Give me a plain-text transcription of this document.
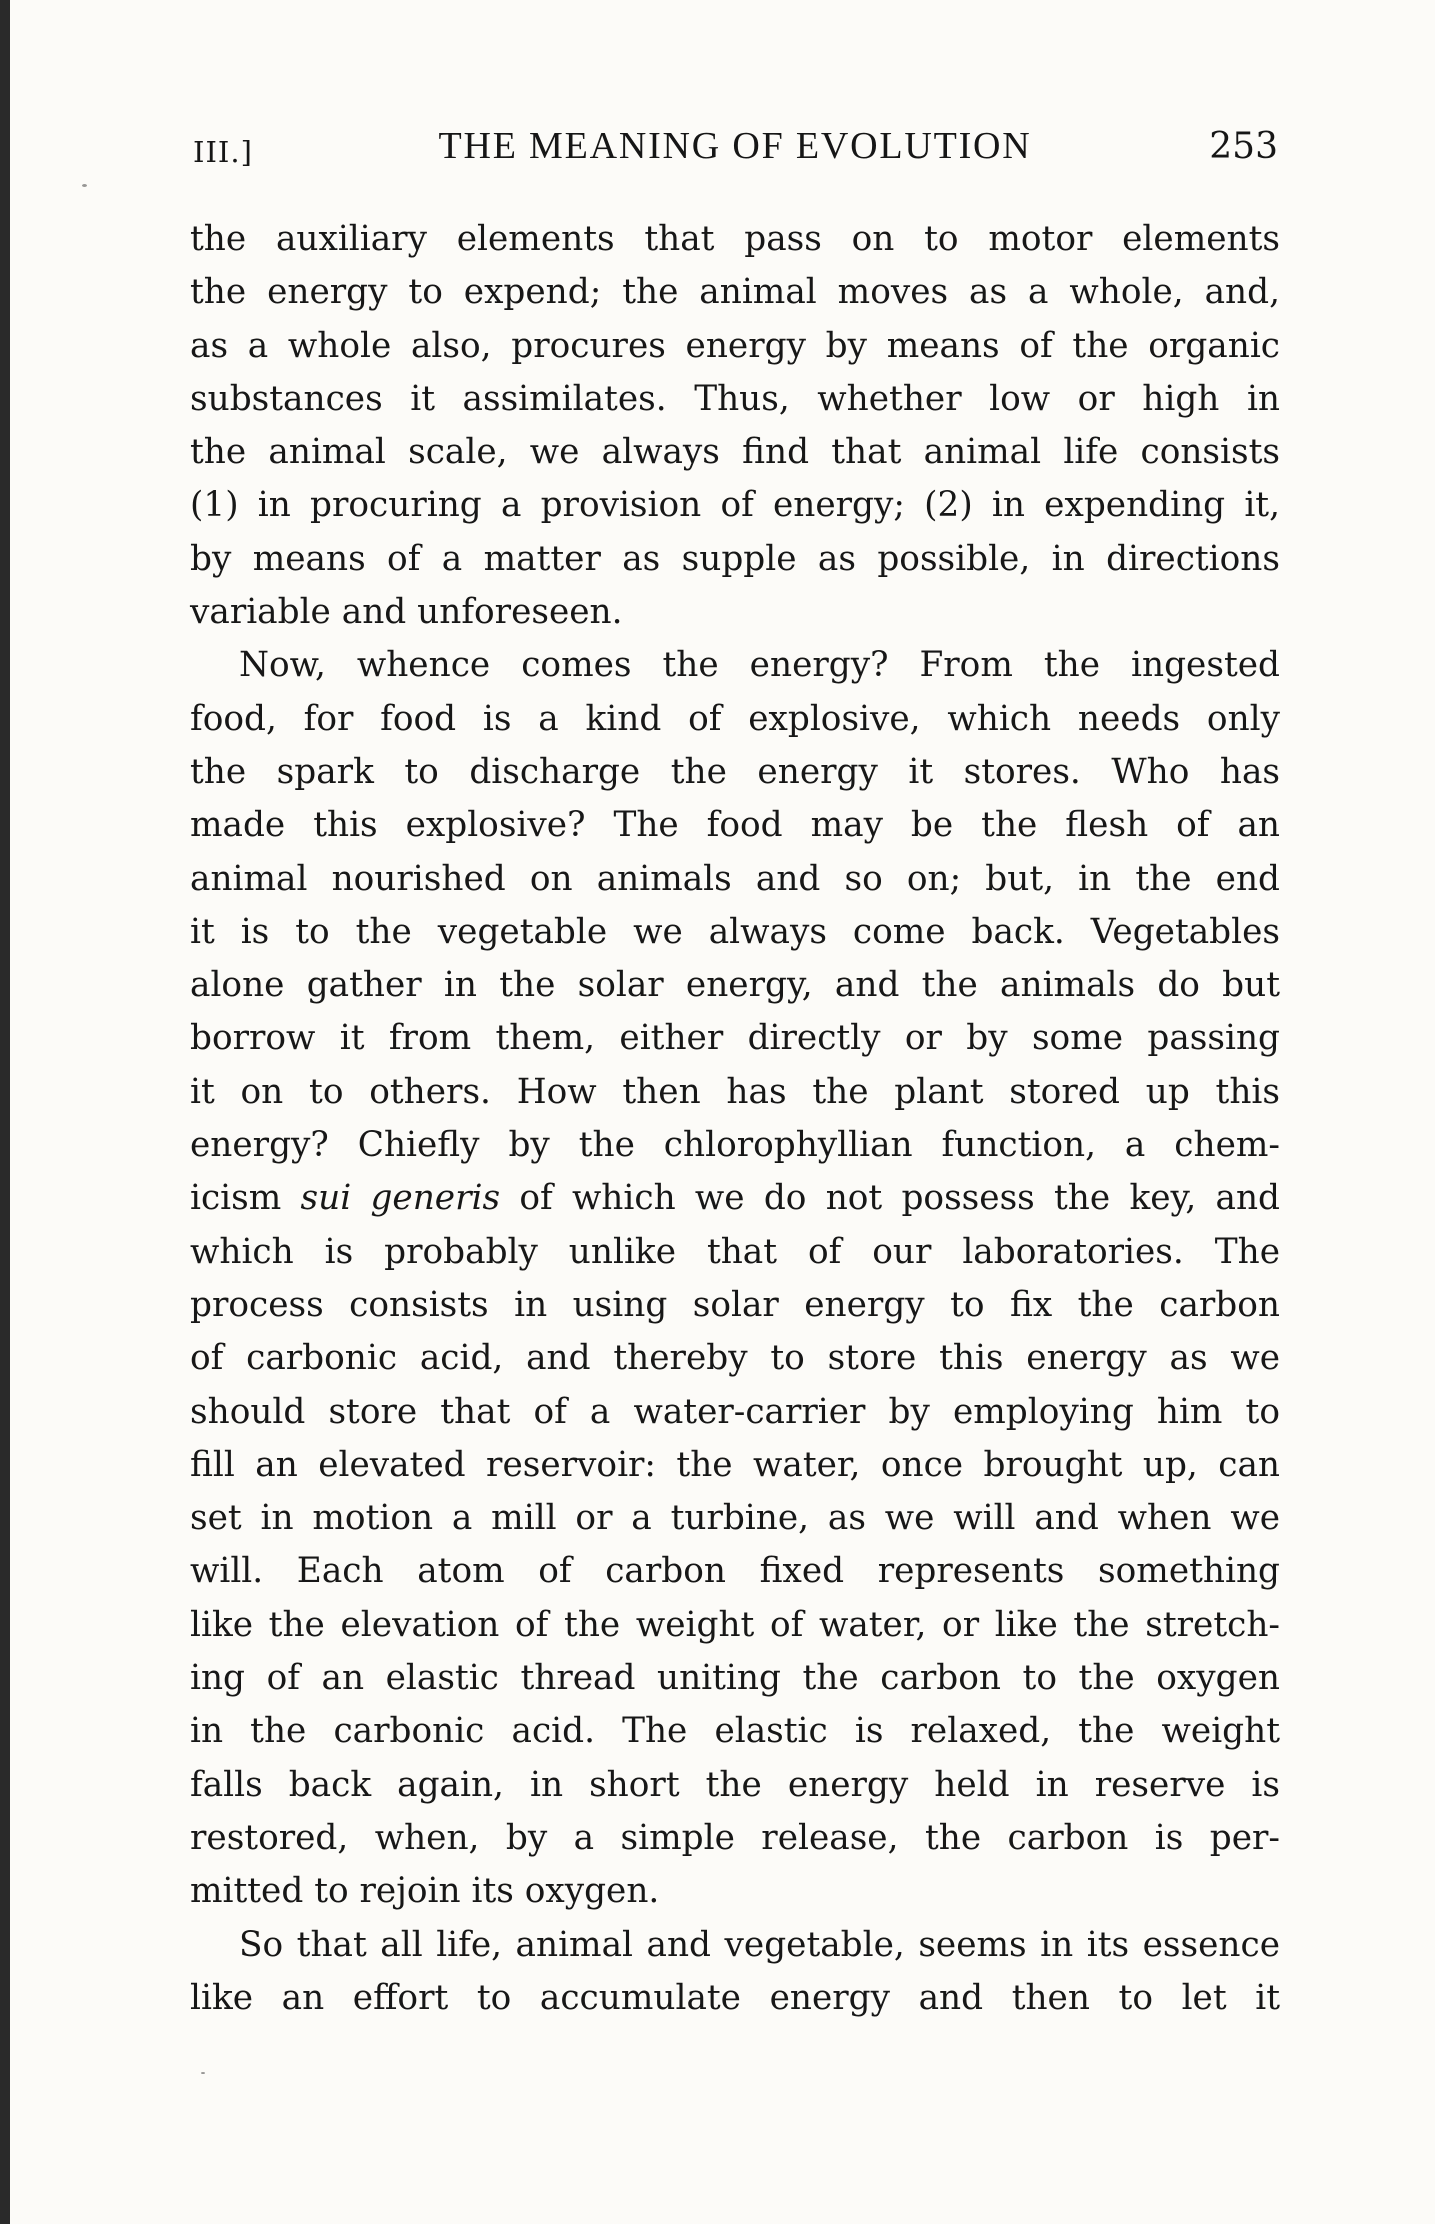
III.]	THE MEANING OF EVOLUTION	253
the auxiliary elements that pass on to motor elements
the energy to expend; the animal moves as a whole, and,
as a whole also, procures energy by means of the organic
substances it assimilates. Thus, whether low or high in
the animal scale, we always find that animal life consists
(1) in procuring a provision of energy; (2) in expending it,
by means of a matter as supple as possible, in directions
variable and unforeseen.
Now, whence comes the energy? From the ingested
food, for food is a kind of explosive, which needs only
the spark to discharge the energy it stores. Who has
made this explosive? The food may be the flesh of an
animal nourished on animals and so on; but, in the end
it is to the vegetable we always come back. Vegetables
alone gather in the solar energy, and the animals do but
borrow it from them, either directly or by some passing
it on to others. How then has the plant stored up this
energy? Chiefly by the chlorophyllian function, a chem-
icism sui generis of which we do not possess the key, and
which is probably unlike that of our laboratories. The
process consists in using solar energy to fix the carbon
of carbonic acid, and thereby to store this energy as we
should store that of a water-carrier by employing him to
fill an elevated reservoir: the water, once brought up, can
set in motion a mill or a turbine, as we will and when we
will. Each atom of carbon fixed represents something
like the elevation of the weight of water, or like the stretch-
ing of an elastic thread uniting the carbon to the oxygen
in the carbonic acid. The elastic is relaxed, the weight
falls back again, in short the energy held in reserve is
restored, when, by a simple release, the carbon is per-
mitted to rejoin its oxygen.
So that all life, animal and vegetable, seems in its essence
like an effort to accumulate energy and then to let it
